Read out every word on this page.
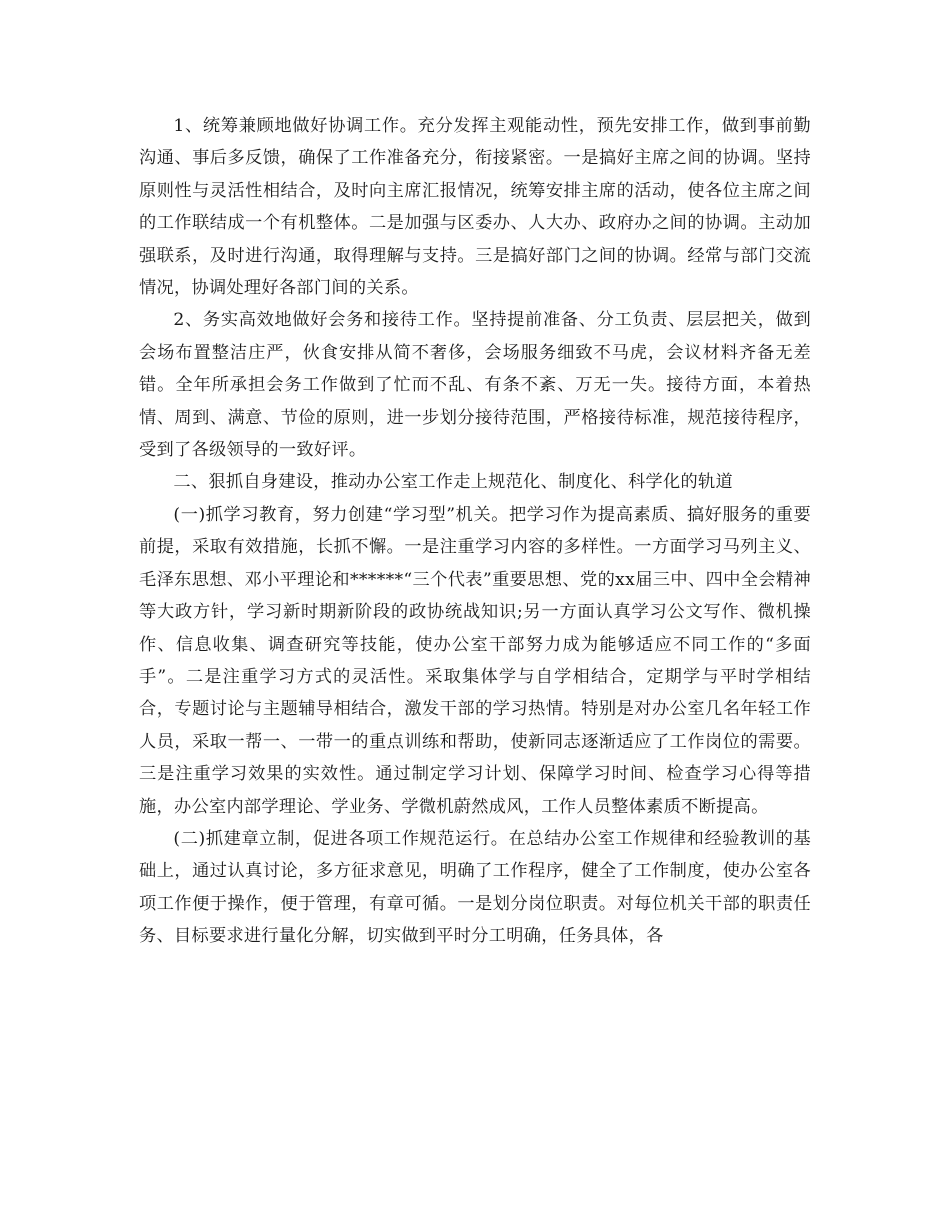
1、统筹兼顾地做好协调工作。充分发挥主观能动性，预先安排工作，做到事前勤沟通、事后多反馈，确保了工作准备充分，衔接紧密。一是搞好主席之间的协调。坚持原则性与灵活性相结合，及时向主席汇报情况，统筹安排主席的活动，使各位主席之间的工作联结成一个有机整体。二是加强与区委办、人大办、政府办之间的协调。主动加强联系，及时进行沟通，取得理解与支持。三是搞好部门之间的协调。经常与部门交流情况，协调处理好各部门间的关系。

2、务实高效地做好会务和接待工作。坚持提前准备、分工负责、层层把关，做到会场布置整洁庄严，伙食安排从简不奢侈，会场服务细致不马虎，会议材料齐备无差错。全年所承担会务工作做到了忙而不乱、有条不紊、万无一失。接待方面，本着热情、周到、满意、节俭的原则，进一步划分接待范围，严格接待标准，规范接待程序，受到了各级领导的一致好评。

二、狠抓自身建设，推动办公室工作走上规范化、制度化、科学化的轨道

(一)抓学习教育，努力创建“学习型”机关。把学习作为提高素质、搞好服务的重要前提，采取有效措施，长抓不懈。一是注重学习内容的多样性。一方面学习马列主义、毛泽东思想、邓小平理论和******“三个代表”重要思想、党的xx届三中、四中全会精神等大政方针，学习新时期新阶段的政协统战知识;另一方面认真学习公文写作、微机操作、信息收集、调查研究等技能，使办公室干部努力成为能够适应不同工作的“多面手”。二是注重学习方式的灵活性。采取集体学与自学相结合，定期学与平时学相结合，专题讨论与主题辅导相结合，激发干部的学习热情。特别是对办公室几名年轻工作人员，采取一帮一、一带一的重点训练和帮助，使新同志逐渐适应了工作岗位的需要。三是注重学习效果的实效性。通过制定学习计划、保障学习时间、检查学习心得等措施，办公室内部学理论、学业务、学微机蔚然成风，工作人员整体素质不断提高。

(二)抓建章立制，促进各项工作规范运行。在总结办公室工作规律和经验教训的基础上，通过认真讨论，多方征求意见，明确了工作程序，健全了工作制度，使办公室各项工作便于操作，便于管理，有章可循。一是划分岗位职责。对每位机关干部的职责任务、目标要求进行量化分解，切实做到平时分工明确，任务具体，各
